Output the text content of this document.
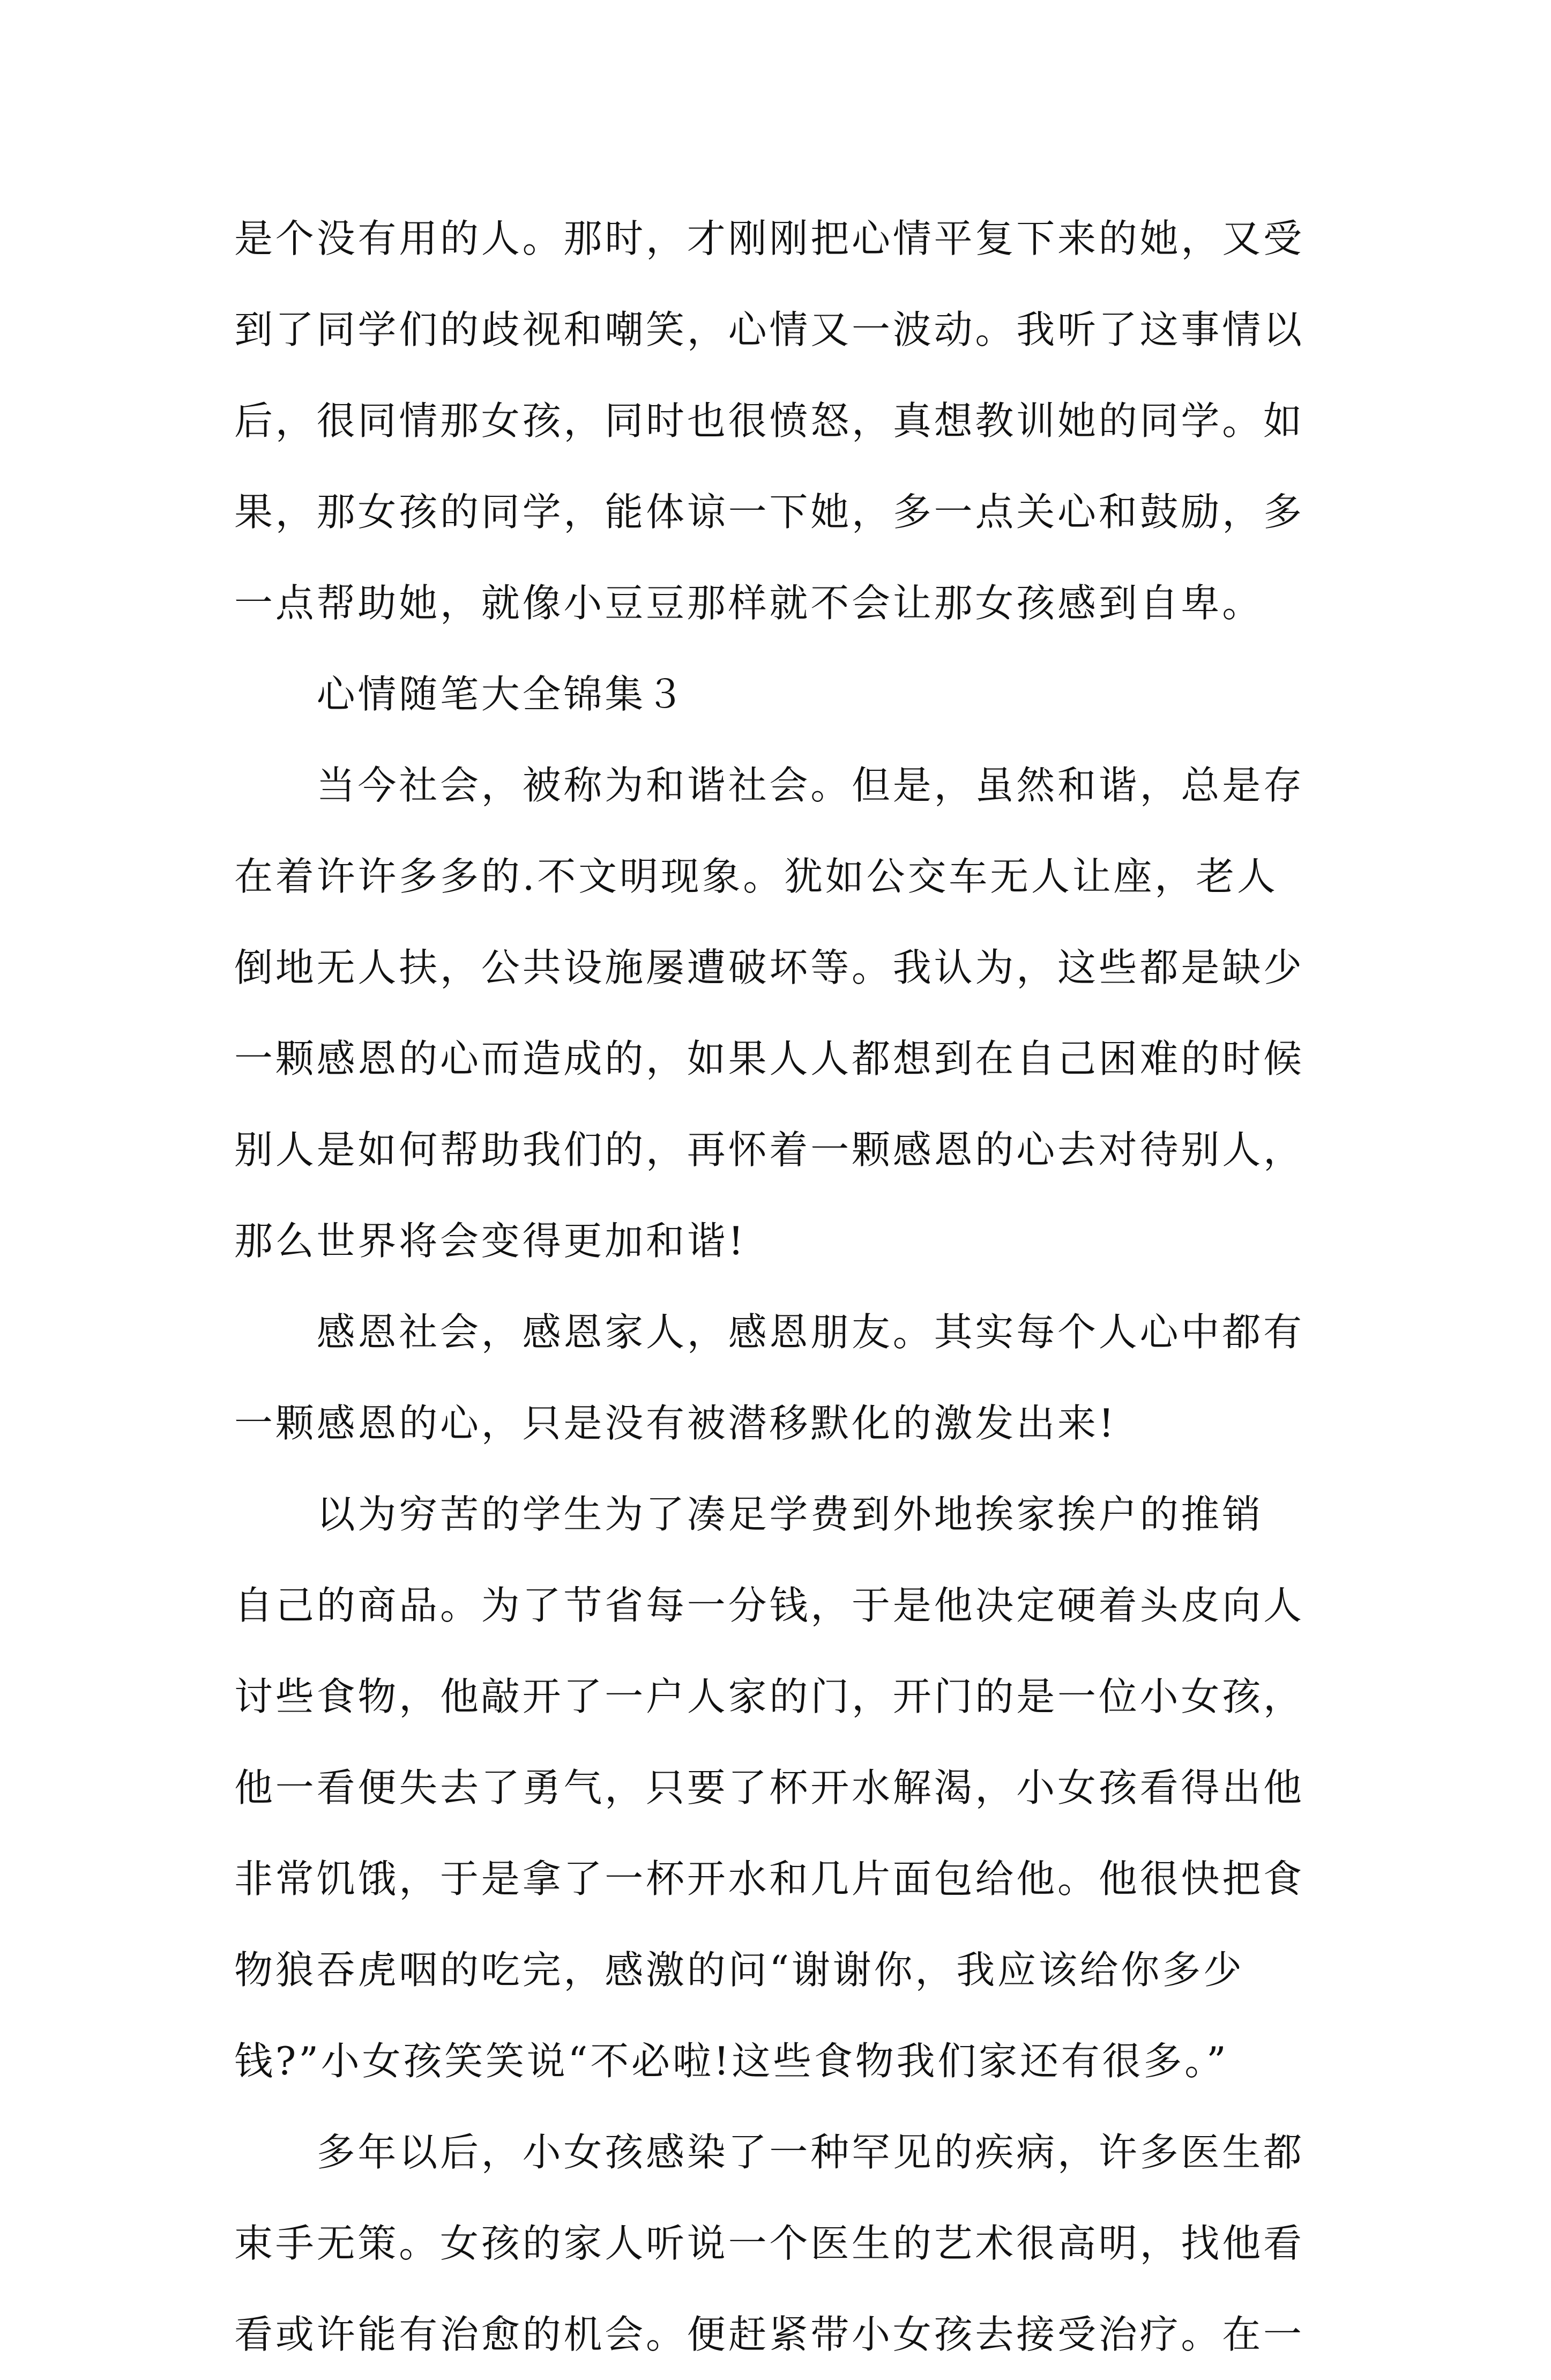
是个没有用的人。那时，才刚刚把心情平复下来的她，又受
到了同学们的歧视和嘲笑，心情又一波动。我听了这事情以
后，很同情那女孩，同时也很愤怒，真想教训她的同学。如
果，那女孩的同学，能体谅一下她，多一点关心和鼓励，多
一点帮助她，就像小豆豆那样就不会让那女孩感到自卑。
　　心情随笔大全锦集３
　　当今社会，被称为和谐社会。但是，虽然和谐，总是存
在着许许多多的.不文明现象。犹如公交车无人让座，老人
倒地无人扶，公共设施屡遭破坏等。我认为，这些都是缺少
一颗感恩的心而造成的，如果人人都想到在自己困难的时候
别人是如何帮助我们的，再怀着一颗感恩的心去对待别人，
那么世界将会变得更加和谐!
　　感恩社会，感恩家人，感恩朋友。其实每个人心中都有
一颗感恩的心，只是没有被潜移默化的激发出来!
　　以为穷苦的学生为了凑足学费到外地挨家挨户的推销
自己的商品。为了节省每一分钱，于是他决定硬着头皮向人
讨些食物，他敲开了一户人家的门，开门的是一位小女孩，
他一看便失去了勇气，只要了杯开水解渴，小女孩看得出他
非常饥饿，于是拿了一杯开水和几片面包给他。他很快把食
物狼吞虎咽的吃完，感激的问“谢谢你，我应该给你多少
钱?”小女孩笑笑说“不必啦!这些食物我们家还有很多。”
　　多年以后，小女孩感染了一种罕见的疾病，许多医生都
束手无策。女孩的家人听说一个医生的艺术很高明，找他看
看或许能有治愈的机会。便赶紧带小女孩去接受治疗。在一
